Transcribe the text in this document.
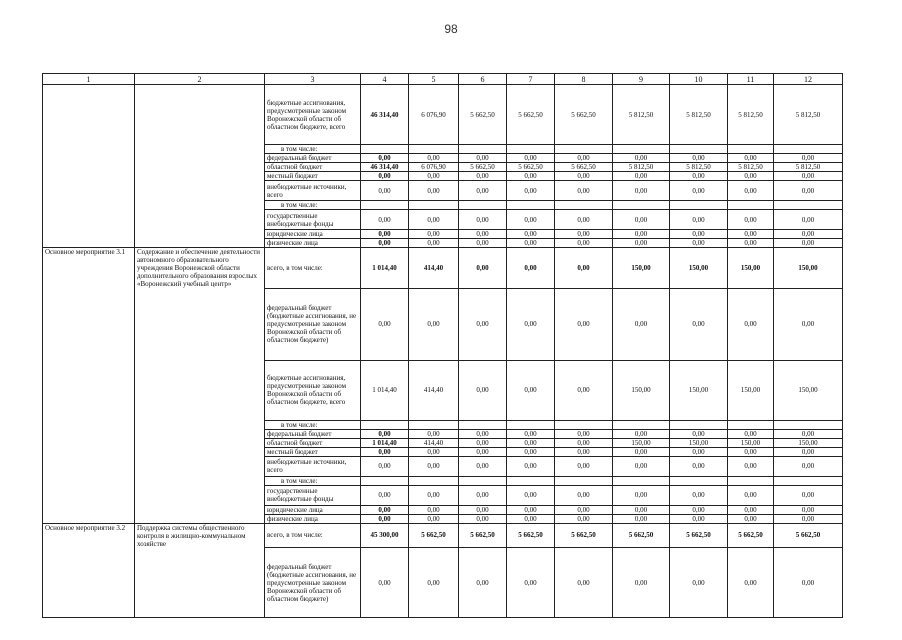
98
1	2	3	4	5	6	7	8	9	10	11	12
		бюджетные ассигнования, предусмотренные законом Воронежской области об областном бюджете, всего	46 314,40	6 076,90	5 662,50	5 662,50	5 662,50	5 812,50	5 812,50	5 812,50	5 812,50
		в том числе:									
		федеральный бюджет	0,00	0,00	0,00	0,00	0,00	0,00	0,00	0,00	0,00
		областной бюджет	46 314,40	6 076,90	5 662,50	5 662,50	5 662,50	5 812,50	5 812,50	5 812,50	5 812,50
		местный бюджет	0,00	0,00	0,00	0,00	0,00	0,00	0,00	0,00	0,00
		внебюджетные источники, всего	0,00	0,00	0,00	0,00	0,00	0,00	0,00	0,00	0,00
		в том числе:									
		государственные внебюджетные фонды	0,00	0,00	0,00	0,00	0,00	0,00	0,00	0,00	0,00
		юридические лица	0,00	0,00	0,00	0,00	0,00	0,00	0,00	0,00	0,00
		физические лица	0,00	0,00	0,00	0,00	0,00	0,00	0,00	0,00	0,00
Основное мероприятие 3.1	Содержание и обеспечение деятельности автономного образовательного учреждения Воронежской области дополнительного образования взрослых «Воронежский учебный центр»	всего, в том числе:	1 014,40	414,40	0,00	0,00	0,00	150,00	150,00	150,00	150,00
		федеральный бюджет (бюджетные ассигнования, не предусмотренные законом Воронежской области об областном бюджете)	0,00	0,00	0,00	0,00	0,00	0,00	0,00	0,00	0,00
		бюджетные ассигнования, предусмотренные законом Воронежской области об областном бюджете, всего	1 014,40	414,40	0,00	0,00	0,00	150,00	150,00	150,00	150,00
		в том числе:									
		федеральный бюджет	0,00	0,00	0,00	0,00	0,00	0,00	0,00	0,00	0,00
		областной бюджет	1 014,40	414,40	0,00	0,00	0,00	150,00	150,00	150,00	150,00
		местный бюджет	0,00	0,00	0,00	0,00	0,00	0,00	0,00	0,00	0,00
		внебюджетные источники, всего	0,00	0,00	0,00	0,00	0,00	0,00	0,00	0,00	0,00
		в том числе:									
		государственные внебюджетные фонды	0,00	0,00	0,00	0,00	0,00	0,00	0,00	0,00	0,00
		юридические лица	0,00	0,00	0,00	0,00	0,00	0,00	0,00	0,00	0,00
		физические лица	0,00	0,00	0,00	0,00	0,00	0,00	0,00	0,00	0,00
Основное мероприятие 3.2	Поддержка системы общественного контроля в жилищно-коммунальном хозяйстве	всего, в том числе:	45 300,00	5 662,50	5 662,50	5 662,50	5 662,50	5 662,50	5 662,50	5 662,50	5 662,50
		федеральный бюджет (бюджетные ассигнования, не предусмотренные законом Воронежской области об областном бюджете)	0,00	0,00	0,00	0,00	0,00	0,00	0,00	0,00	0,00
